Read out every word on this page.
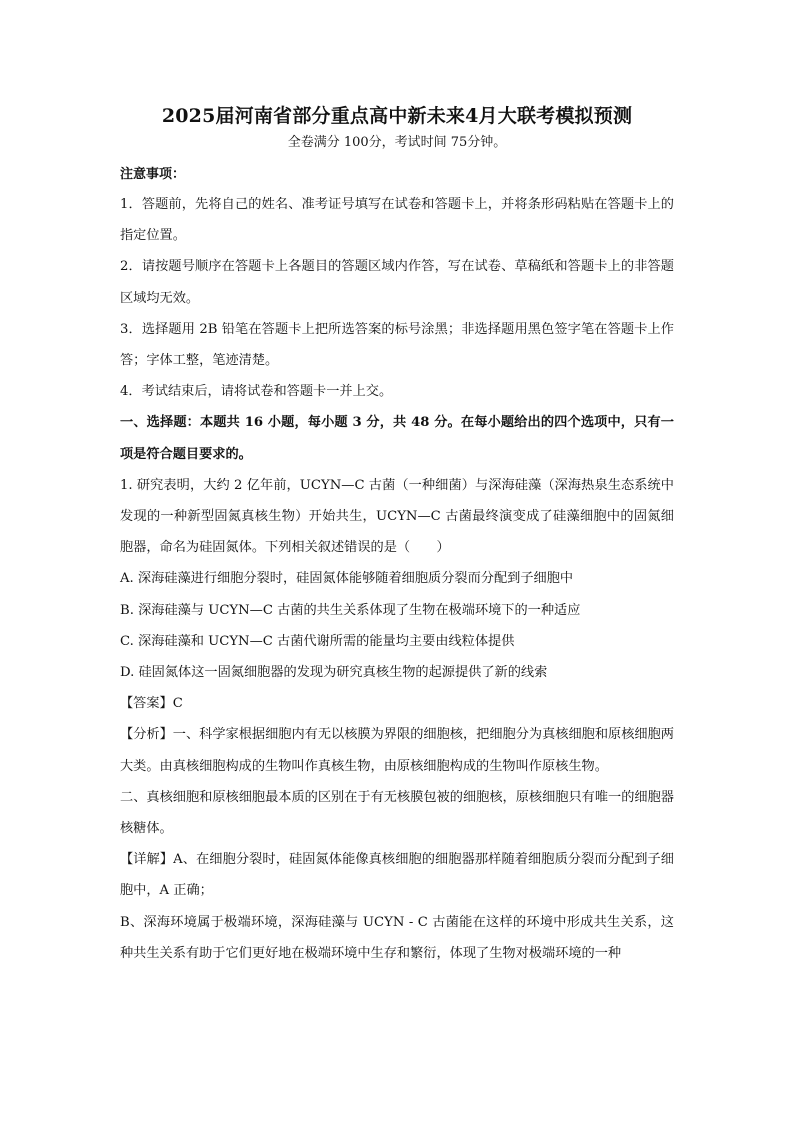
2025届河南省部分重点高中新未来4月大联考模拟预测

全卷满分 100分，考试时间 75分钟。

注意事项：

1．答题前，先将自己的姓名、准考证号填写在试卷和答题卡上，并将条形码粘贴在答题卡上的指定位置。

2．请按题号顺序在答题卡上各题目的答题区域内作答，写在试卷、草稿纸和答题卡上的非答题区域均无效。

3．选择题用 2B 铅笔在答题卡上把所选答案的标号涂黑；非选择题用黑色签字笔在答题卡上作答；字体工整，笔迹清楚。

4．考试结束后，请将试卷和答题卡一并上交。

一、选择题：本题共 16 小题，每小题 3 分，共 48 分。在每小题给出的四个选项中，只有一项是符合题目要求的。

1. 研究表明，大约 2 亿年前，UCYN—C 古菌（一种细菌）与深海硅藻（深海热泉生态系统中发现的一种新型固氮真核生物）开始共生，UCYN—C 古菌最终演变成了硅藻细胞中的固氮细胞器，命名为硅固氮体。下列相关叙述错误的是（　　）

A. 深海硅藻进行细胞分裂时，硅固氮体能够随着细胞质分裂而分配到子细胞中

B. 深海硅藻与 UCYN—C 古菌的共生关系体现了生物在极端环境下的一种适应

C. 深海硅藻和 UCYN—C 古菌代谢所需的能量均主要由线粒体提供

D. 硅固氮体这一固氮细胞器的发现为研究真核生物的起源提供了新的线索

【答案】C

【分析】一、科学家根据细胞内有无以核膜为界限的细胞核，把细胞分为真核细胞和原核细胞两大类。由真核细胞构成的生物叫作真核生物，由原核细胞构成的生物叫作原核生物。

二、真核细胞和原核细胞最本质的区别在于有无核膜包被的细胞核，原核细胞只有唯一的细胞器核糖体。

【详解】A、在细胞分裂时，硅固氮体能像真核细胞的细胞器那样随着细胞质分裂而分配到子细胞中，A 正确；

B、深海环境属于极端环境，深海硅藻与 UCYN - C 古菌能在这样的环境中形成共生关系，这种共生关系有助于它们更好地在极端环境中生存和繁衍，体现了生物对极端环境的一种
